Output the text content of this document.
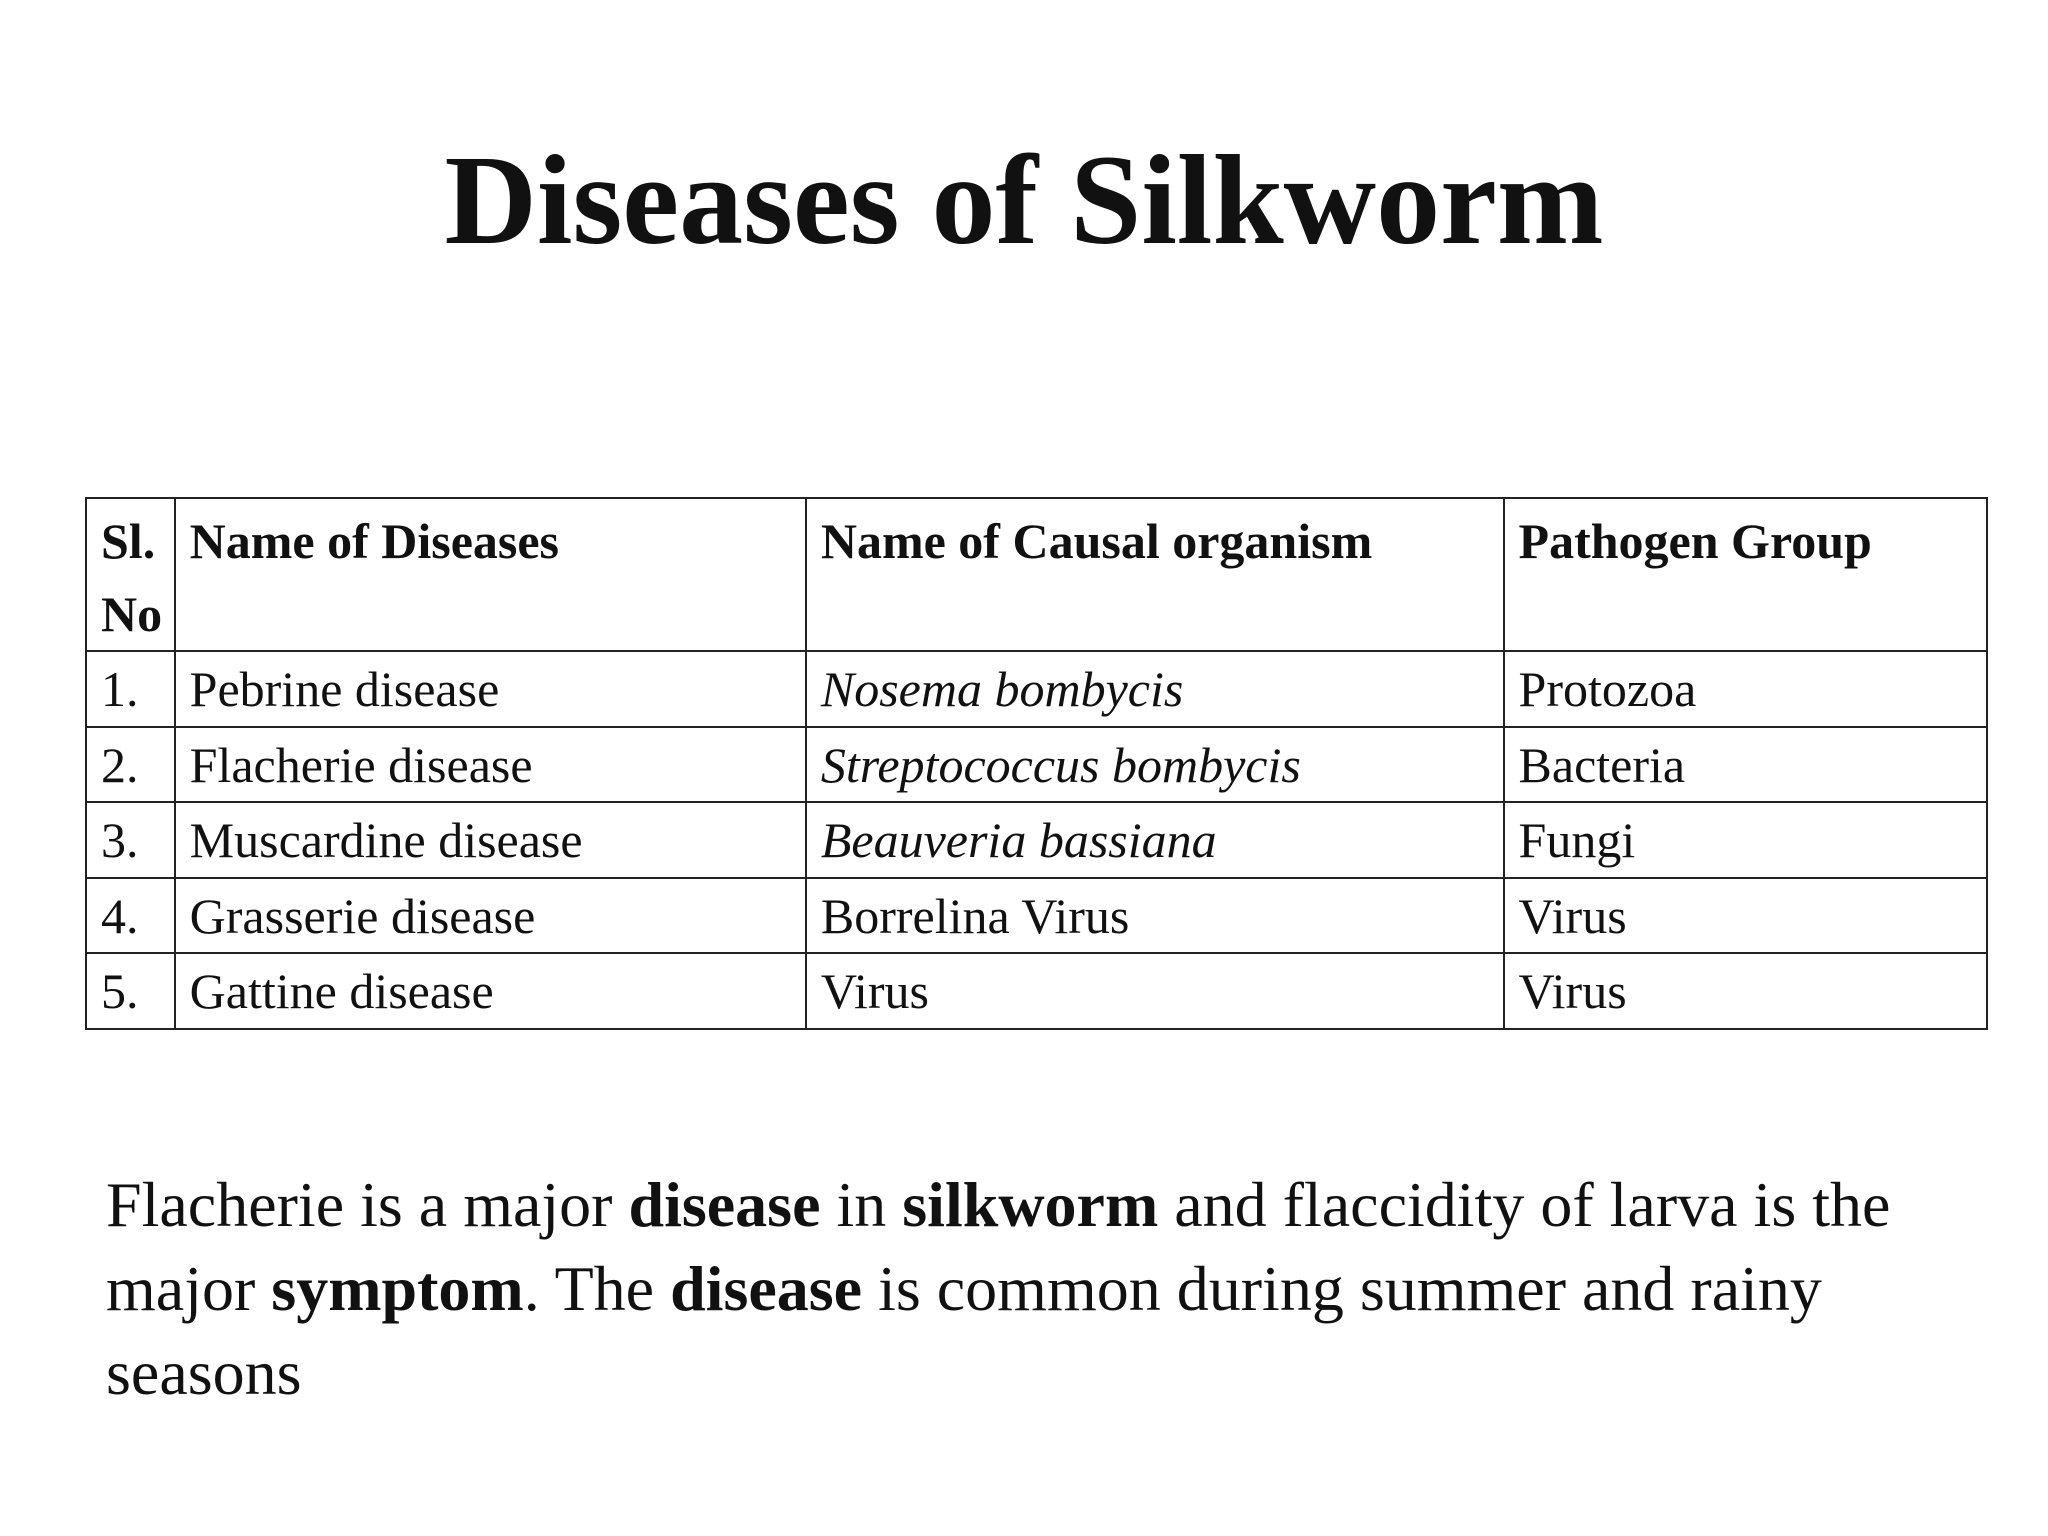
Diseases of Silkworm
Sl. No	Name of Diseases	Name of Causal organism	Pathogen Group
1.	Pebrine disease	Nosema bombycis	Protozoa
2.	Flacherie disease	Streptococcus bombycis	Bacteria
3.	Muscardine disease	Beauveria bassiana	Fungi
4.	Grasserie disease	Borrelina Virus	Virus
5.	Gattine disease	Virus	Virus

Flacherie is a major disease in silkworm and flaccidity of larva is the major symptom. The disease is common during summer and rainy seasons
